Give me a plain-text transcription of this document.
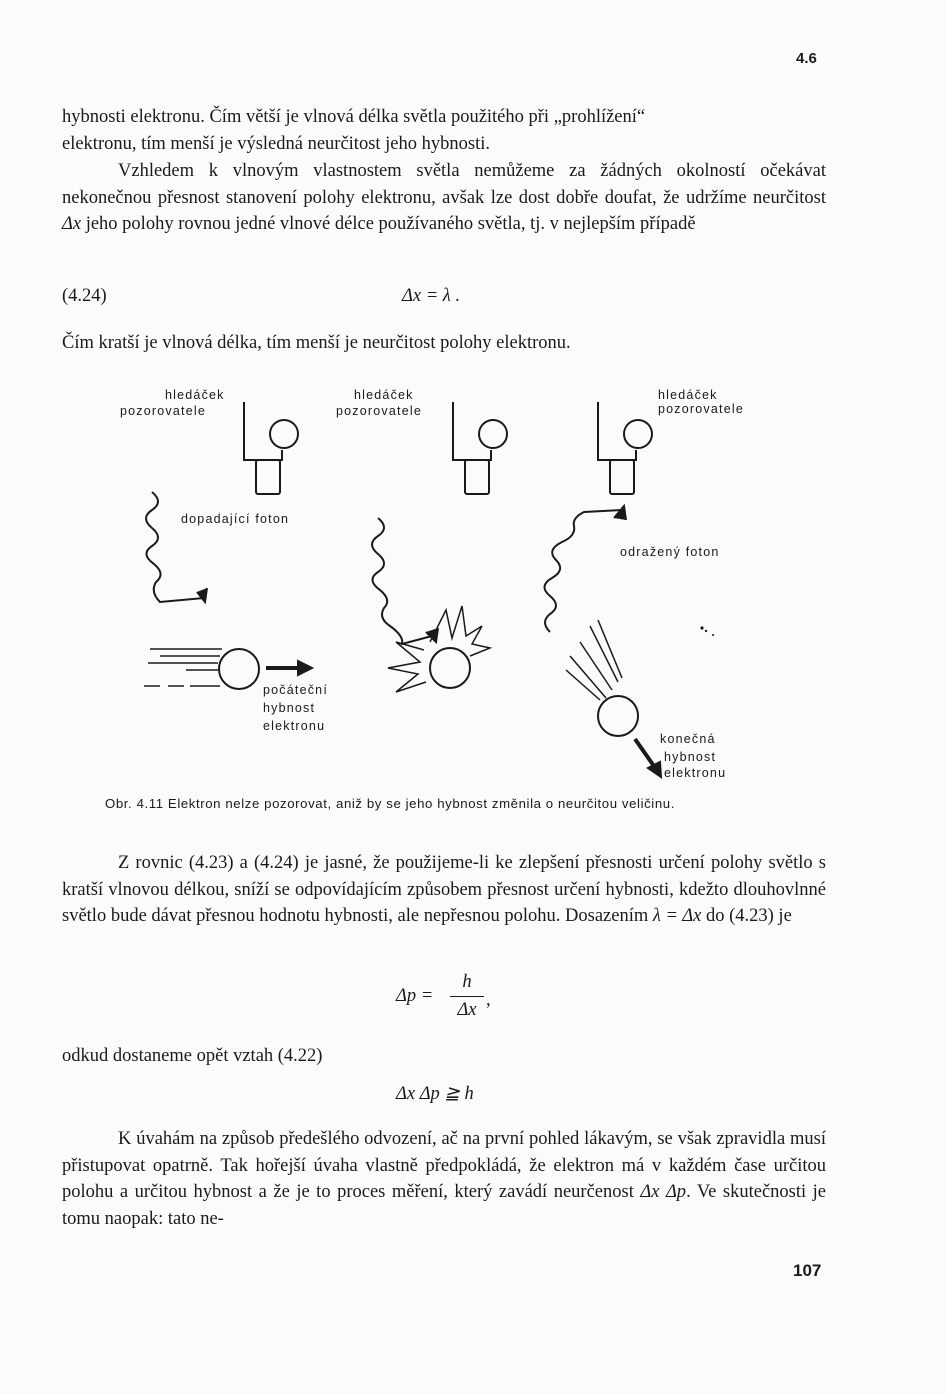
4.6

hybnosti elektronu. Čím větší je vlnová délka světla použitého při „prohlížení“
elektronu, tím menší je výsledná neurčitost jeho hybnosti.

Vzhledem k vlnovým vlastnostem světla nemůžeme za žádných okolností očekávat nekonečnou přesnost stanovení polohy elektronu, avšak lze dost dobře doufat, že udržíme neurčitost Δx jeho polohy rovnou jedné vlnové délce používaného světla, tj. v nejlepším případě

(4.24)	Δx = λ .

Čím kratší je vlnová délka, tím menší je neurčitost polohy elektronu.

hledáček
pozorovatele
hledáček
pozorovatele
hledáček
pozorovatele
dopadající foton
odražený foton
počáteční
hybnost
elektronu
konečná
hybnost
elektronu
Obr. 4.11 Elektron nelze pozorovat, aniž by se jeho hybnost změnila o neurčitou veličinu.

Z rovnic (4.23) a (4.24) je jasné, že použijeme-li ke zlepšení přesnosti určení polohy světlo s kratší vlnovou délkou, sníží se odpovídajícím způsobem přesnost určení hybnosti, kdežto dlouhovlnné světlo bude dávat přesnou hodnotu hybnosti, ale nepřesnou polohu. Dosazením λ = Δx do (4.23) je

Δp =
h
Δx ,

odkud dostaneme opět vztah (4.22)

Δx Δp ≧ h

K úvahám na způsob předešlého odvození, ač na první pohled lákavým, se však zpravidla musí přistupovat opatrně. Tak hořejší úvaha vlastně předpokládá, že elektron má v každém čase určitou polohu a určitou hybnost a že je to proces měření, který zavádí neurčenost Δx Δp. Ve skutečnosti je tomu naopak: tato ne-

107
